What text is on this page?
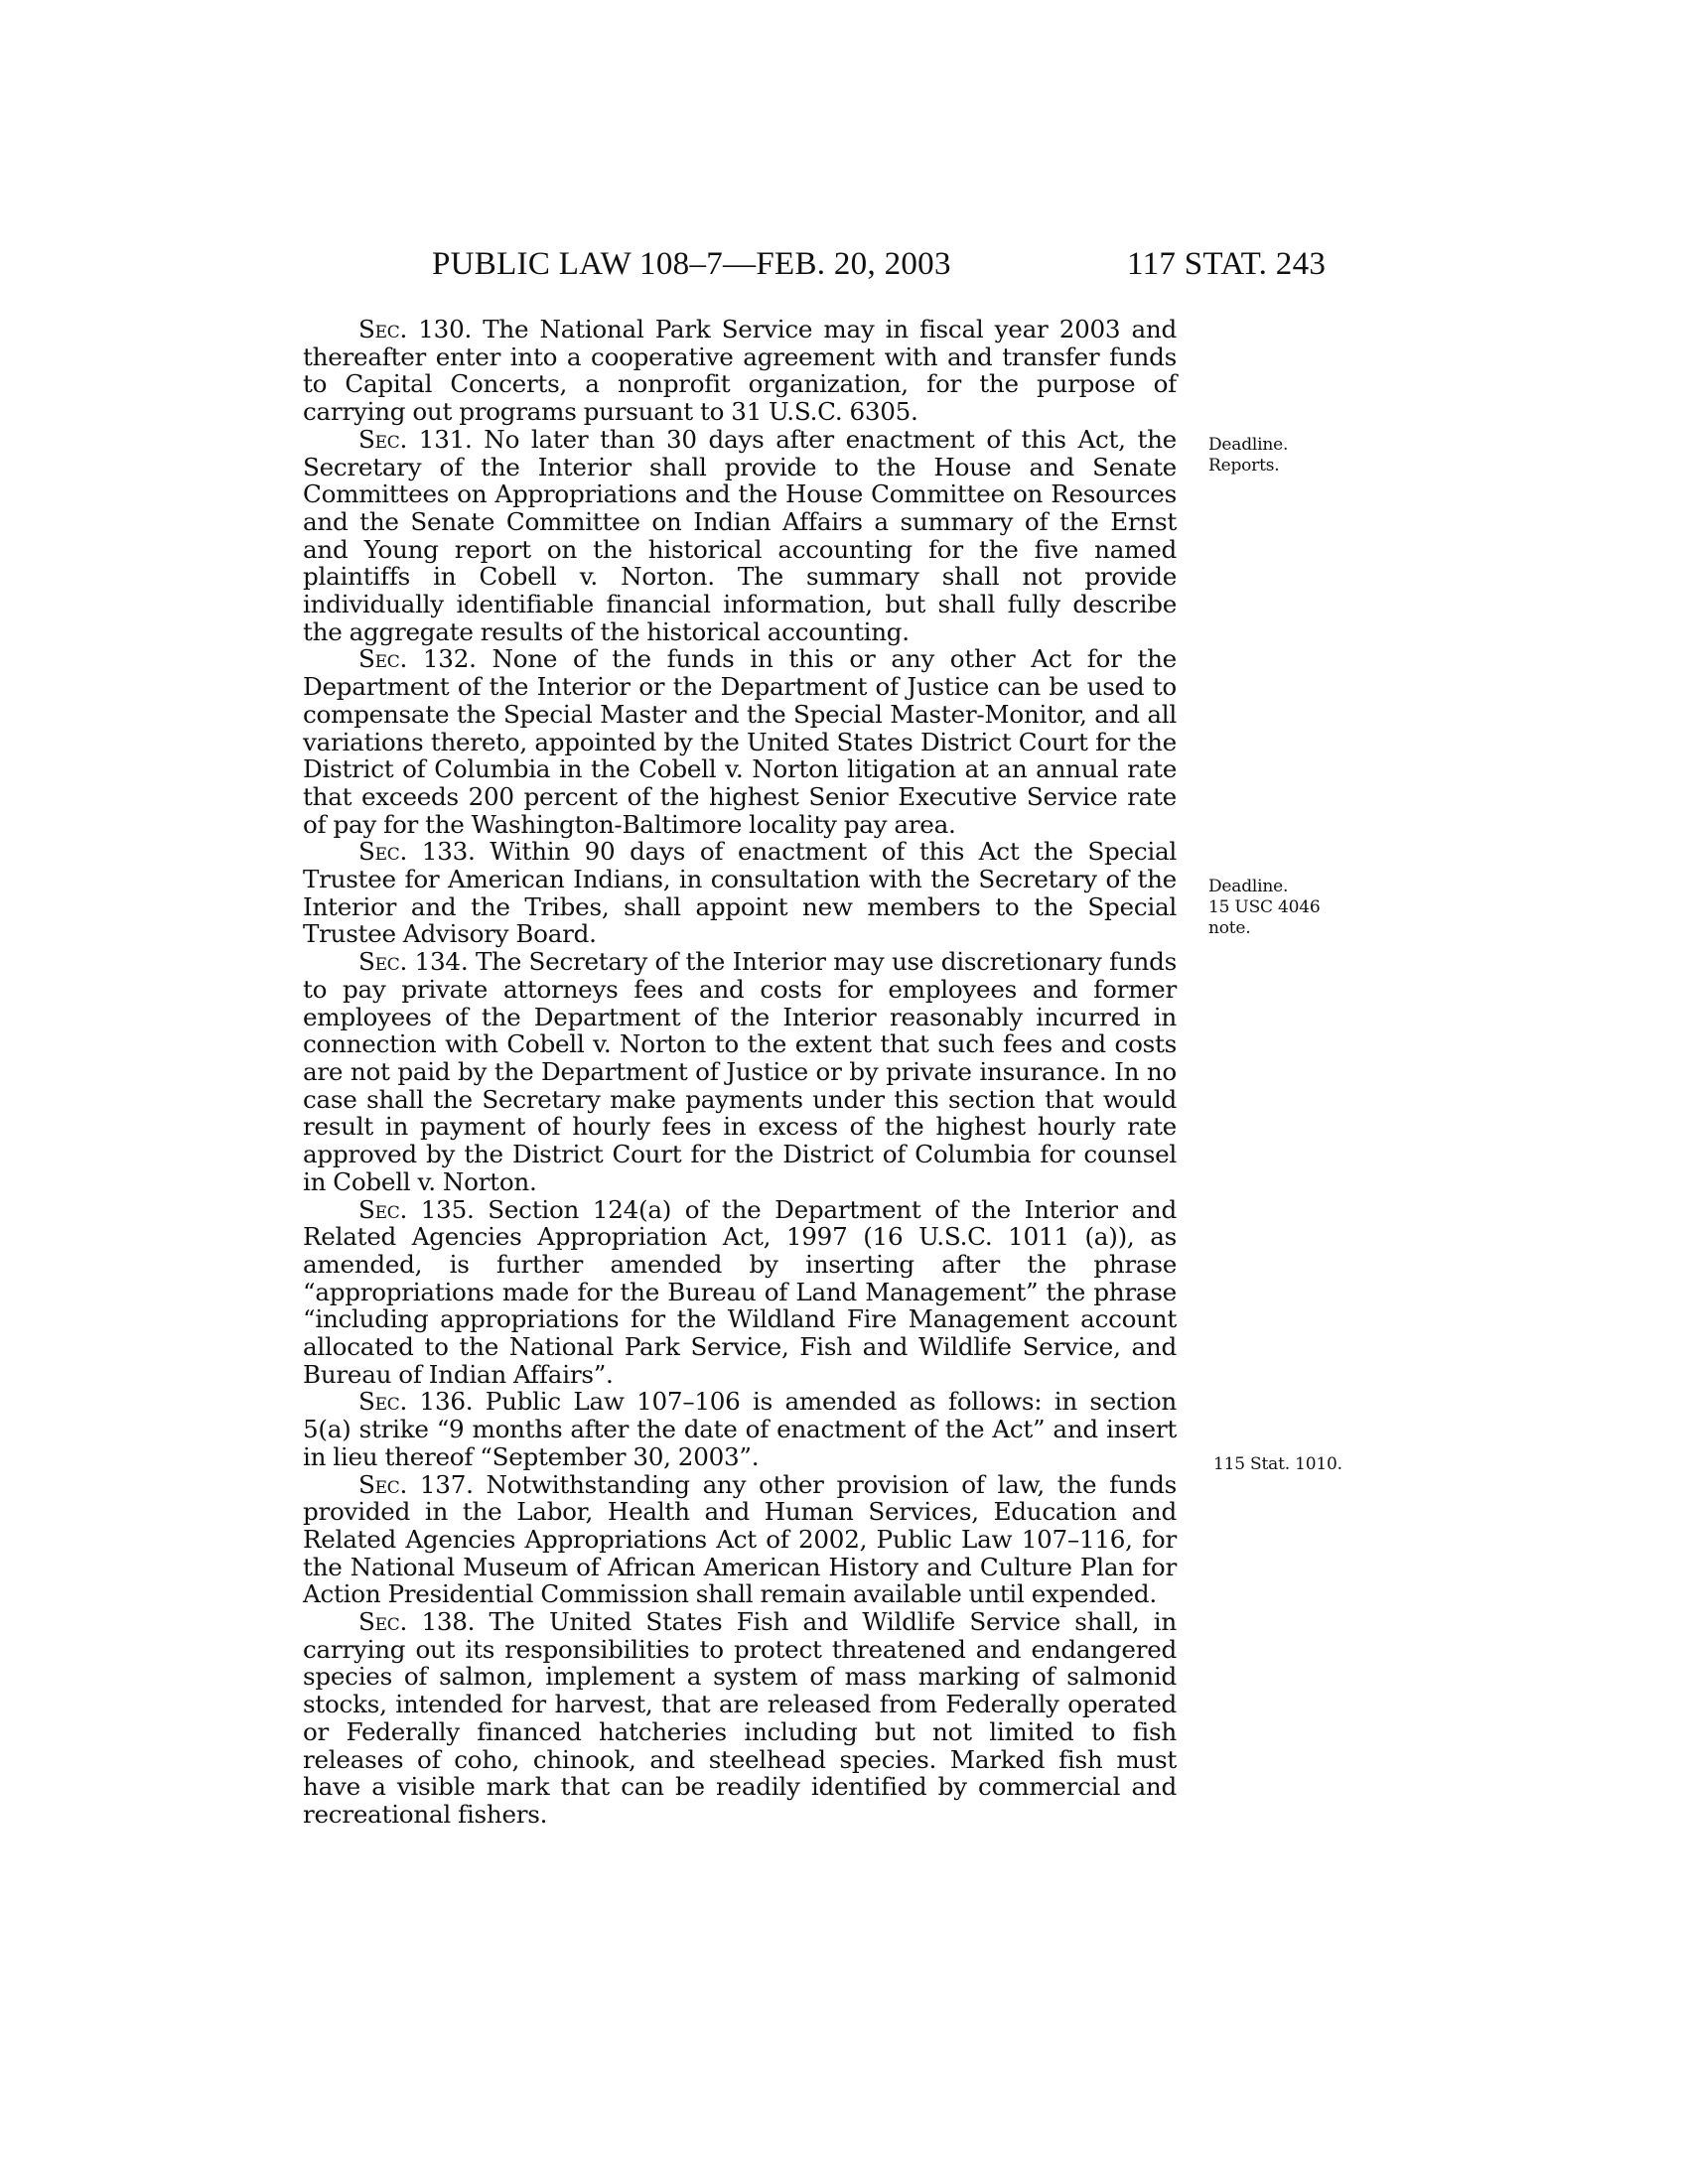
PUBLIC LAW 108–7—FEB. 20, 2003	117 STAT. 243

Sec. 130. The National Park Service may in fiscal year 2003 and thereafter enter into a cooperative agreement with and transfer funds to Capital Concerts, a nonprofit organization, for the purpose of carrying out programs pursuant to 31 U.S.C. 6305.

Sec. 131. No later than 30 days after enactment of this Act, the Secretary of the Interior shall provide to the House and Senate Committees on Appropriations and the House Committee on Resources and the Senate Committee on Indian Affairs a summary of the Ernst and Young report on the historical accounting for the five named plaintiffs in Cobell v. Norton. The summary shall not provide individually identifiable financial information, but shall fully describe the aggregate results of the historical accounting.

Sec. 132. None of the funds in this or any other Act for the Department of the Interior or the Department of Justice can be used to compensate the Special Master and the Special Master-Monitor, and all variations thereto, appointed by the United States District Court for the District of Columbia in the Cobell v. Norton litigation at an annual rate that exceeds 200 percent of the highest Senior Executive Service rate of pay for the Washington-Baltimore locality pay area.

Sec. 133. Within 90 days of enactment of this Act the Special Trustee for American Indians, in consultation with the Secretary of the Interior and the Tribes, shall appoint new members to the Special Trustee Advisory Board.

Sec. 134. The Secretary of the Interior may use discretionary funds to pay private attorneys fees and costs for employees and former employees of the Department of the Interior reasonably incurred in connection with Cobell v. Norton to the extent that such fees and costs are not paid by the Department of Justice or by private insurance. In no case shall the Secretary make payments under this section that would result in payment of hourly fees in excess of the highest hourly rate approved by the District Court for the District of Columbia for counsel in Cobell v. Norton.

Sec. 135. Section 124(a) of the Department of the Interior and Related Agencies Appropriation Act, 1997 (16 U.S.C. 1011 (a)), as amended, is further amended by inserting after the phrase “appropriations made for the Bureau of Land Management” the phrase “including appropriations for the Wildland Fire Management account allocated to the National Park Service, Fish and Wildlife Service, and Bureau of Indian Affairs”.

Sec. 136. Public Law 107–106 is amended as follows: in section 5(a) strike “9 months after the date of enactment of the Act” and insert in lieu thereof “September 30, 2003”.

Sec. 137. Notwithstanding any other provision of law, the funds provided in the Labor, Health and Human Services, Education and Related Agencies Appropriations Act of 2002, Public Law 107–116, for the National Museum of African American History and Culture Plan for Action Presidential Commission shall remain available until expended.

Sec. 138. The United States Fish and Wildlife Service shall, in carrying out its responsibilities to protect threatened and endangered species of salmon, implement a system of mass marking of salmonid stocks, intended for harvest, that are released from Federally operated or Federally financed hatcheries including but not limited to fish releases of coho, chinook, and steelhead species. Marked fish must have a visible mark that can be readily identified by commercial and recreational fishers.

Deadline.
Reports.
Deadline.
15 USC 4046
note.
115 Stat. 1010.
